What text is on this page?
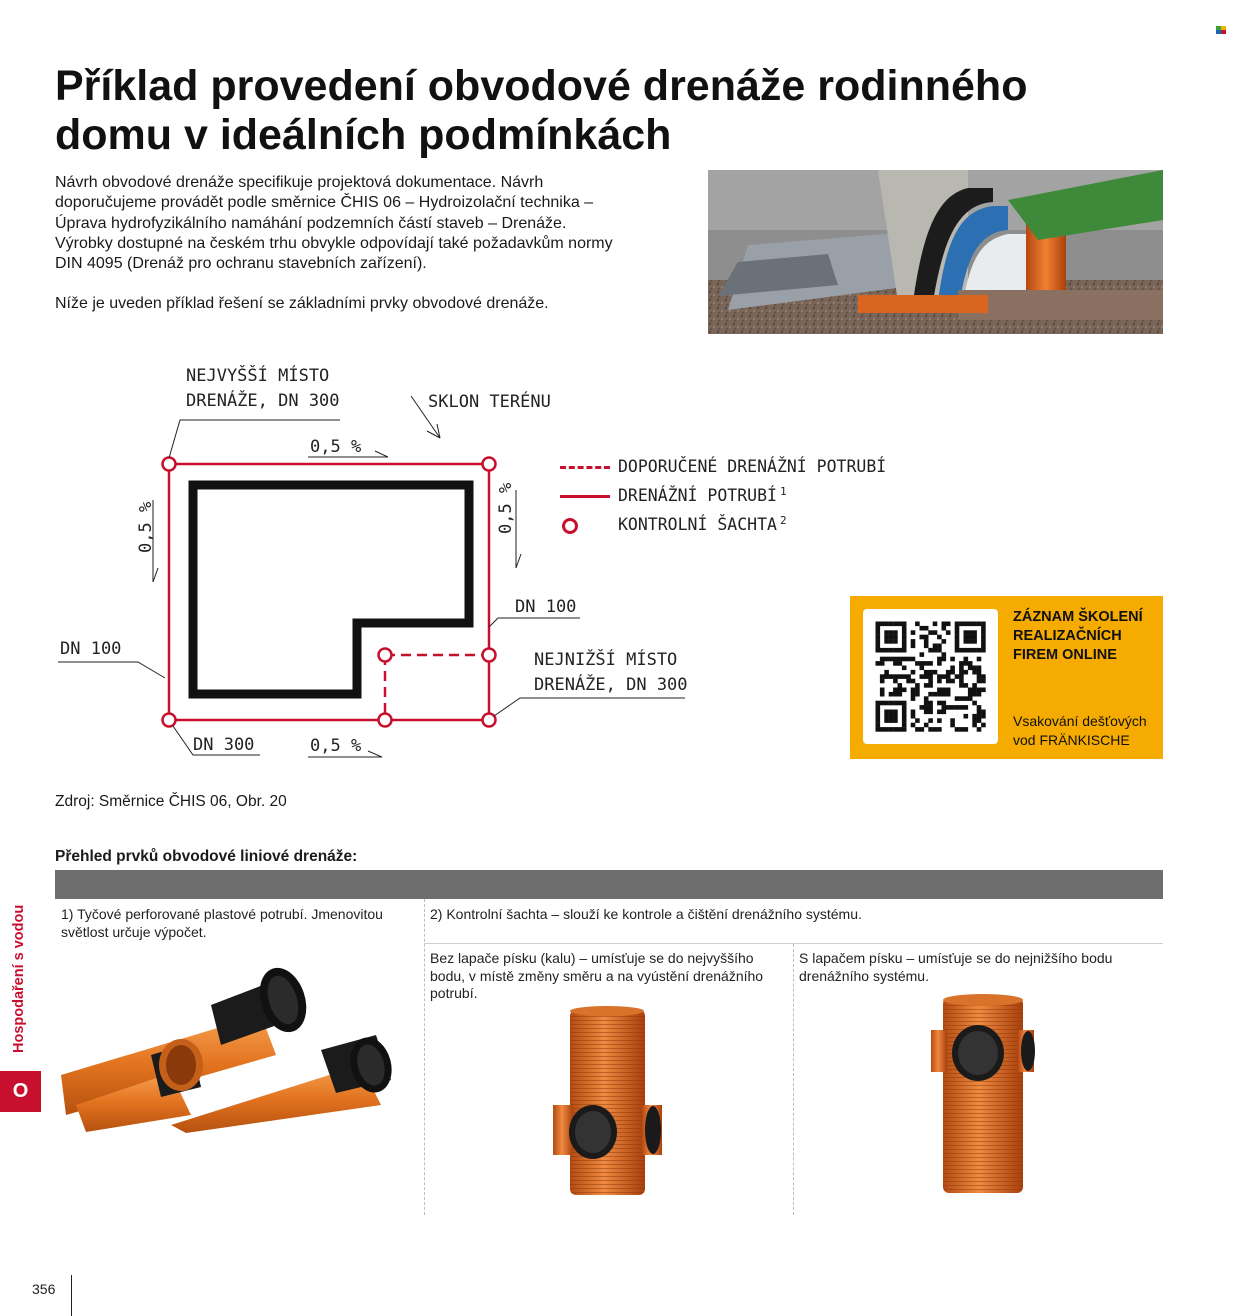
Příklad provedení obvodové drenáže rodinného domu v ideálních podmínkách

Návrh obvodové drenáže specifikuje projektová dokumentace. Návrh doporučujeme provádět podle směrnice ČHIS 06 – Hydroizolační technika – Úprava hydrofyzikálního namáhání podzemních částí staveb – Drenáže. Výrobky dostupné na českém trhu obvykle odpovídají také požadavkům normy DIN 4095 (Drenáž pro ochranu stavebních zařízení).

Níže je uveden příklad řešení se základními prvky obvodové drenáže.

NEJVYŠŠÍ MÍSTO
DRENÁŽE, DN 300	SKLON TERÉNU
0,5 %
0,5 %	0,5 %
DN 100
DN 100
NEJNIŽŠÍ MÍSTO
DRENÁŽE, DN 300
DN 300	0,5 %
DOPORUČENÉ DRENÁŽNÍ POTRUBÍ
DRENÁŽNÍ POTRUBÍ $^1$
KONTROLNÍ ŠACHTA $^2$
ZÁZNAM ŠKOLENÍ REALIZAČNÍCH FIREM ONLINE
Vsakování dešťových vod FRÄNKISCHE
Zdroj: Směrnice ČHIS 06, Obr. 20
Přehled prvků obvodové liniové drenáže:
1) Tyčové perforované plastové potrubí. Jmenovitou světlost určuje výpočet.
2) Kontrolní šachta – slouží ke kontrole a čištění drenážního systému.
Bez lapače písku (kalu) – umísťuje se do nejvyššího bodu, v místě změny směru a na vyústění drenážního potrubí.
S lapačem písku – umísťuje se do nejnižšího bodu drenážního systému.
Hospodaření s vodou
O
356
